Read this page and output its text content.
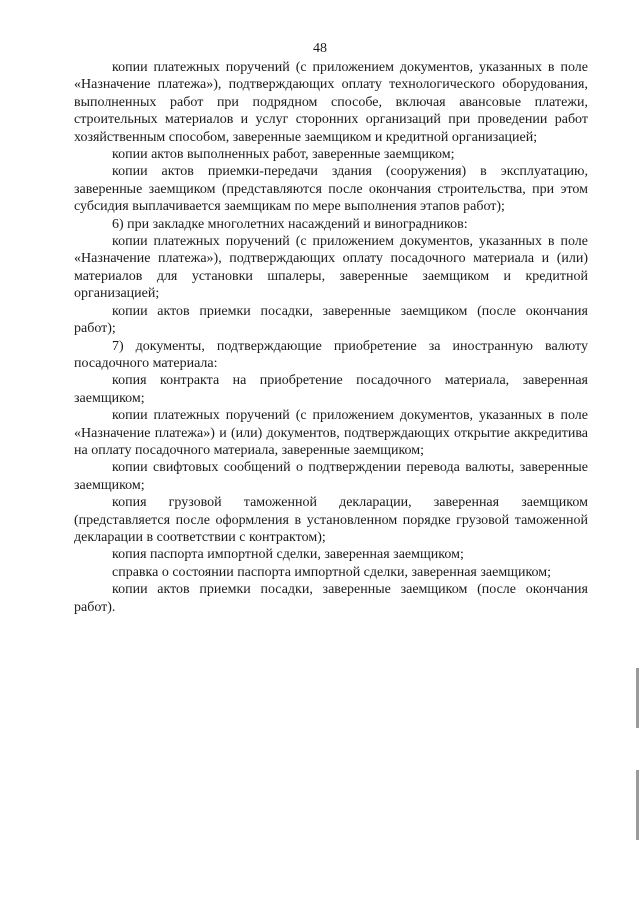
48

копии платежных поручений (с приложением документов, указанных в поле «Назначение платежа»), подтверждающих оплату технологического оборудования, выполненных работ при подрядном способе, включая авансовые платежи, строительных материалов и услуг сторонних организаций при проведении работ хозяйственным способом, заверенные заемщиком и кредитной организацией;

копии актов выполненных работ, заверенные заемщиком;

копии актов приемки-передачи здания (сооружения) в эксплуатацию, заверенные заемщиком (представляются после окончания строительства, при этом субсидия выплачивается заемщикам по мере выполнения этапов работ);

6) при закладке многолетних насаждений и виноградников:

копии платежных поручений (с приложением документов, указанных в поле «Назначение платежа»), подтверждающих оплату посадочного материала и (или) материалов для установки шпалеры, заверенные заемщиком и кредитной организацией;

копии актов приемки посадки, заверенные заемщиком (после окончания работ);

7) документы, подтверждающие приобретение за иностранную валюту посадочного материала:

копия контракта на приобретение посадочного материала, заверенная заемщиком;

копии платежных поручений (с приложением документов, указанных в поле «Назначение платежа») и (или) документов, подтверждающих открытие аккредитива на оплату посадочного материала, заверенные заемщиком;

копии свифтовых сообщений о подтверждении перевода валюты, заверенные заемщиком;

копия грузовой таможенной декларации, заверенная заемщиком (представляется после оформления в установленном порядке грузовой таможенной декларации в соответствии с контрактом);

копия паспорта импортной сделки, заверенная заемщиком;

справка о состоянии паспорта импортной сделки, заверенная заемщиком;

копии актов приемки посадки, заверенные заемщиком (после окончания работ).
